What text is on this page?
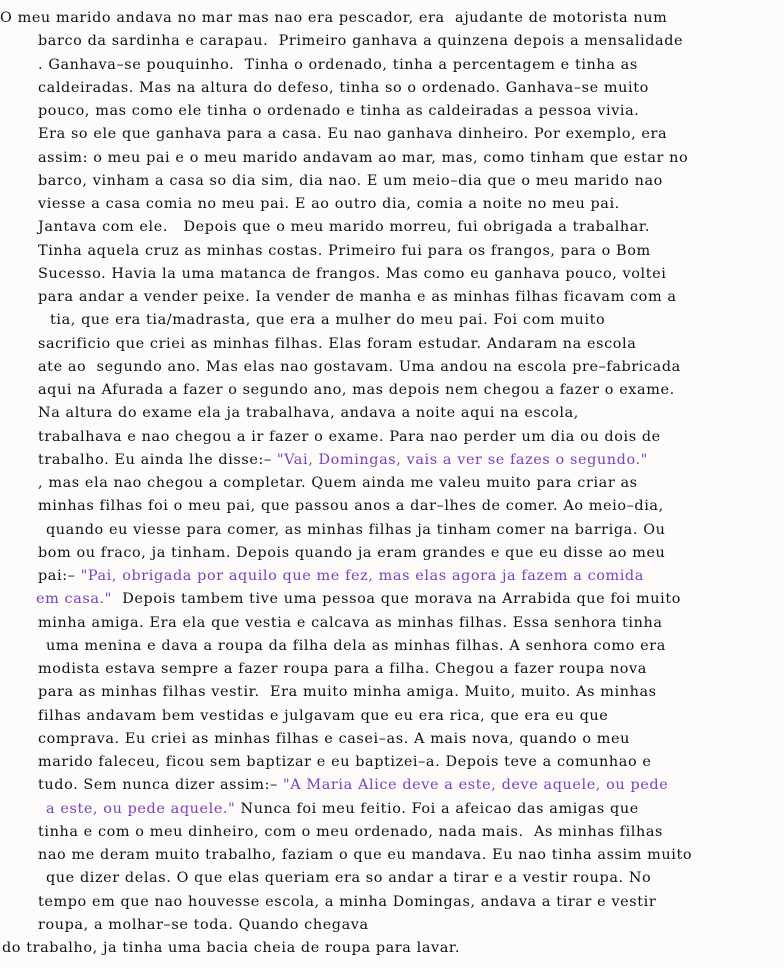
O meu marido andava no mar mas nao era pescador, era  ajudante de motorista num
barco da sardinha e carapau.  Primeiro ganhava a quinzena depois a mensalidade
. Ganhava–se pouquinho.  Tinha o ordenado, tinha a percentagem e tinha as
caldeiradas. Mas na altura do defeso, tinha so o ordenado. Ganhava–se muito
pouco, mas como ele tinha o ordenado e tinha as caldeiradas a pessoa vivia.
Era so ele que ganhava para a casa. Eu nao ganhava dinheiro. Por exemplo, era
assim: o meu pai e o meu marido andavam ao mar, mas, como tinham que estar no
barco, vinham a casa so dia sim, dia nao. E um meio–dia que o meu marido nao
viesse a casa comia no meu pai. E ao outro dia, comia a noite no meu pai.
Jantava com ele.   Depois que o meu marido morreu, fui obrigada a trabalhar.
Tinha aquela cruz as minhas costas. Primeiro fui para os frangos, para o Bom
Sucesso. Havia la uma matanca de frangos. Mas como eu ganhava pouco, voltei
para andar a vender peixe. Ia vender de manha e as minhas filhas ficavam com a
tia, que era tia/madrasta, que era a mulher do meu pai. Foi com muito
sacrificio que criei as minhas filhas. Elas foram estudar. Andaram na escola
ate ao  segundo ano. Mas elas nao gostavam. Uma andou na escola pre–fabricada
aqui na Afurada a fazer o segundo ano, mas depois nem chegou a fazer o exame.
Na altura do exame ela ja trabalhava, andava a noite aqui na escola,
trabalhava e nao chegou a ir fazer o exame. Para nao perder um dia ou dois de
trabalho. Eu ainda lhe disse:– "Vai, Domingas, vais a ver se fazes o segundo."
, mas ela nao chegou a completar. Quem ainda me valeu muito para criar as
minhas filhas foi o meu pai, que passou anos a dar–lhes de comer. Ao meio–dia,
quando eu viesse para comer, as minhas filhas ja tinham comer na barriga. Ou
bom ou fraco, ja tinham. Depois quando ja eram grandes e que eu disse ao meu
pai:– "Pai, obrigada por aquilo que me fez, mas elas agora ja fazem a comida
em casa."  Depois tambem tive uma pessoa que morava na Arrabida que foi muito
minha amiga. Era ela que vestia e calcava as minhas filhas. Essa senhora tinha
uma menina e dava a roupa da filha dela as minhas filhas. A senhora como era
modista estava sempre a fazer roupa para a filha. Chegou a fazer roupa nova
para as minhas filhas vestir.  Era muito minha amiga. Muito, muito. As minhas
filhas andavam bem vestidas e julgavam que eu era rica, que era eu que
comprava. Eu criei as minhas filhas e casei–as. A mais nova, quando o meu
marido faleceu, ficou sem baptizar e eu baptizei–a. Depois teve a comunhao e
tudo. Sem nunca dizer assim:– "A Maria Alice deve a este, deve aquele, ou pede
a este, ou pede aquele." Nunca foi meu feitio. Foi a afeicao das amigas que
tinha e com o meu dinheiro, com o meu ordenado, nada mais.  As minhas filhas
nao me deram muito trabalho, faziam o que eu mandava. Eu nao tinha assim muito
que dizer delas. O que elas queriam era so andar a tirar e a vestir roupa. No
tempo em que nao houvesse escola, a minha Domingas, andava a tirar e vestir
roupa, a molhar–se toda. Quando chegava
do trabalho, ja tinha uma bacia cheia de roupa para lavar.
